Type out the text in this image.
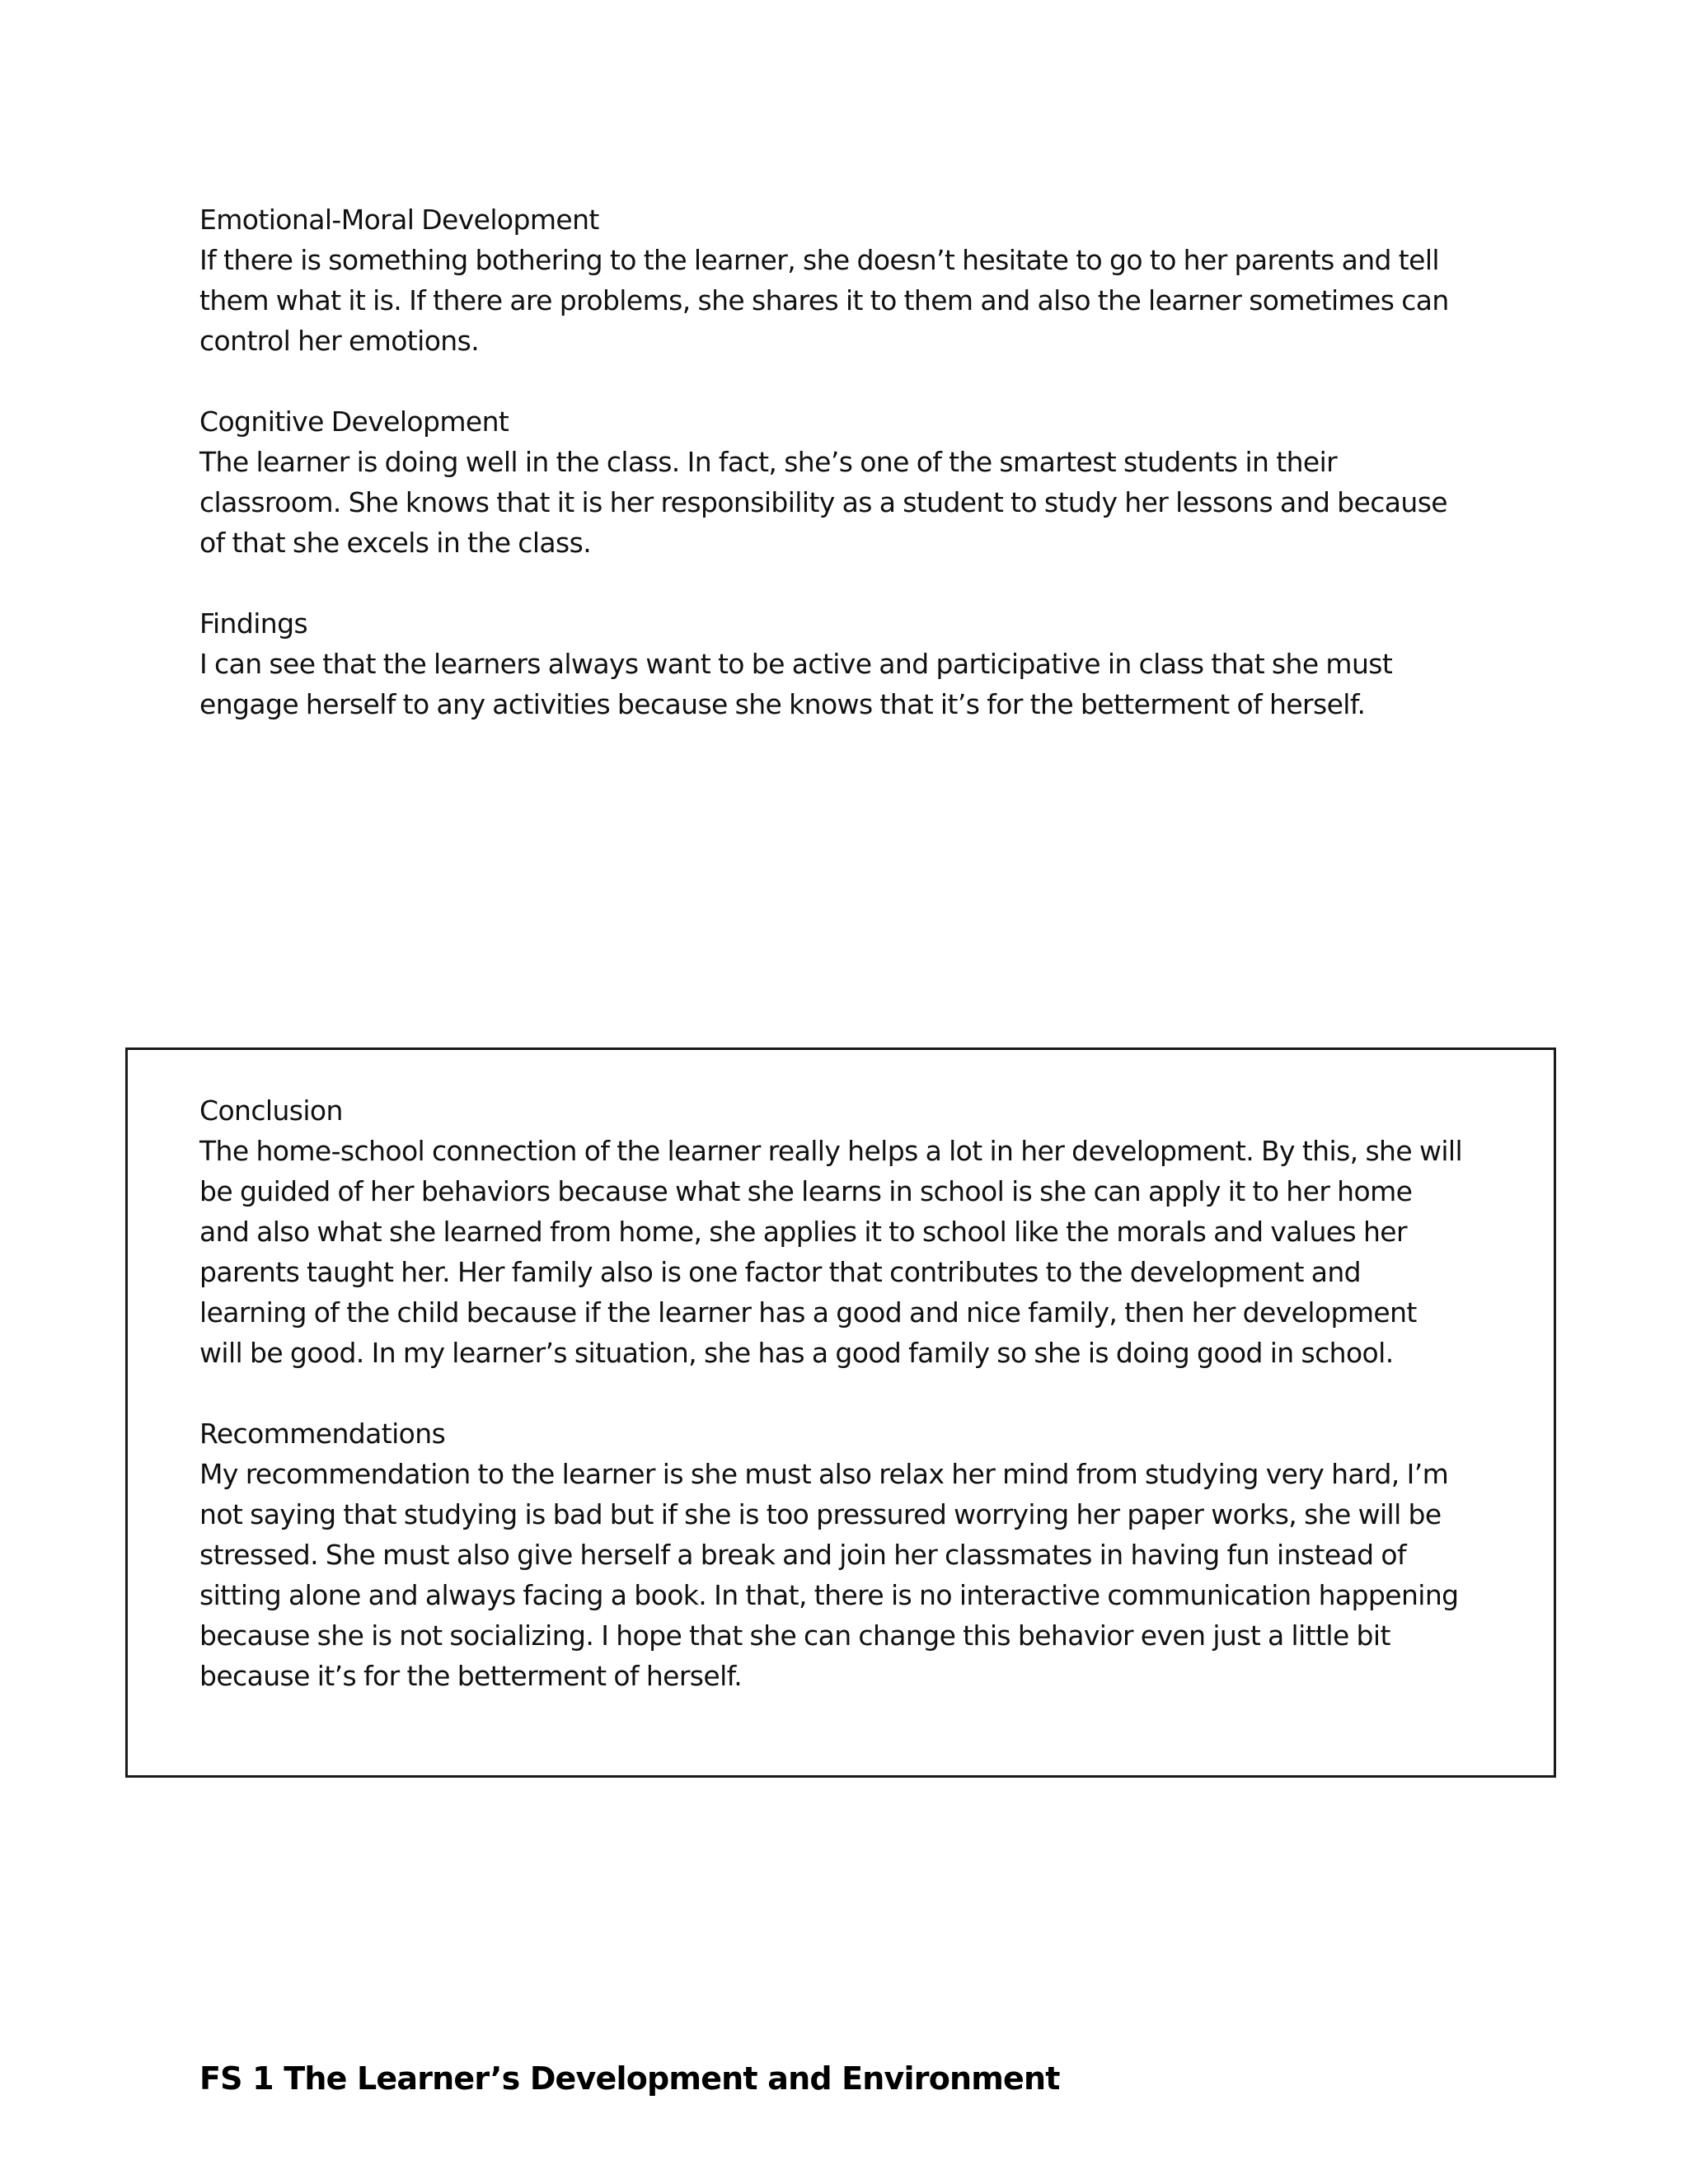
Emotional-Moral Development
If there is something bothering to the learner, she doesn’t hesitate to go to her parents and tell
them what it is. If there are problems, she shares it to them and also the learner sometimes can
control her emotions.
Cognitive Development
The learner is doing well in the class. In fact, she’s one of the smartest students in their
classroom. She knows that it is her responsibility as a student to study her lessons and because
of that she excels in the class.
Findings
I can see that the learners always want to be active and participative in class that she must
engage herself to any activities because she knows that it’s for the betterment of herself.
Conclusion
The home-school connection of the learner really helps a lot in her development. By this, she will
be guided of her behaviors because what she learns in school is she can apply it to her home
and also what she learned from home, she applies it to school like the morals and values her
parents taught her. Her family also is one factor that contributes to the development and
learning of the child because if the learner has a good and nice family, then her development
will be good. In my learner’s situation, she has a good family so she is doing good in school.
Recommendations
My recommendation to the learner is she must also relax her mind from studying very hard, I’m
not saying that studying is bad but if she is too pressured worrying her paper works, she will be
stressed. She must also give herself a break and join her classmates in having fun instead of
sitting alone and always facing a book. In that, there is no interactive communication happening
because she is not socializing. I hope that she can change this behavior even just a little bit
because it’s for the betterment of herself.
FS 1 The Learner’s Development and Environment
